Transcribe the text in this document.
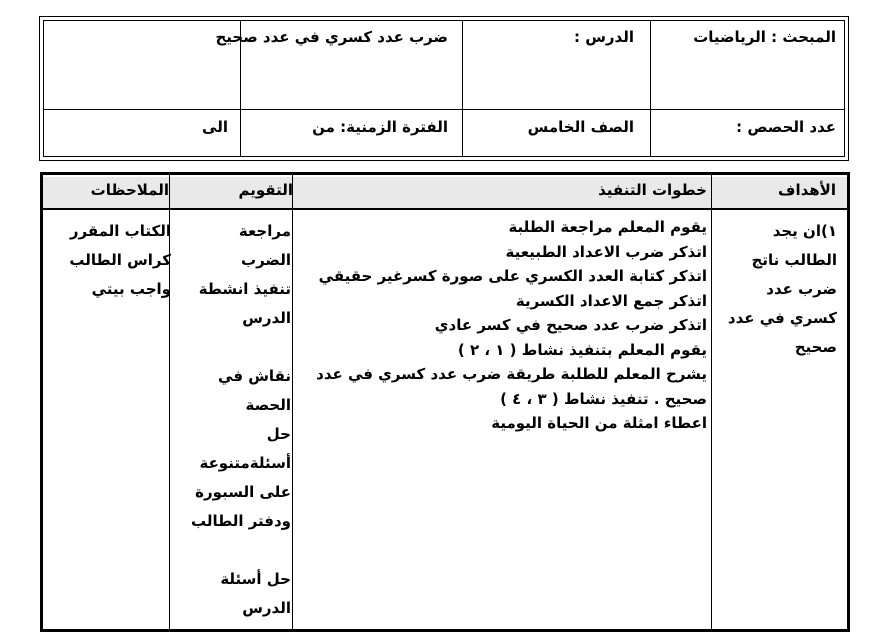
المبحث : الرياضيات
الدرس :
ضرب عدد كسري في عدد صحيح
عدد الحصص :
الصف الخامس
الفترة الزمنية: من
الى
الأهداف
خطوات التنفيذ
التقويم
الملاحظات
١)ان يجد
الطالب ناتج
ضرب عدد
كسري في عدد
صحيح
يقوم المعلم مراجعة الطلبة
اتذكر ضرب الاعداد الطبيعية
اتذكر كتابة العدد الكسري على صورة كسرغير حقيقي
اتذكر جمع الاعداد الكسرية
اتذكر ضرب عدد صحيح في كسر عادي
يقوم المعلم بتنفيذ نشاط ( ١ ، ٢ )
يشرح المعلم للطلبة طريقة ضرب عدد كسري في عدد
صحيح . تنفيذ نشاط ( ٣ ، ٤ )
اعطاء امثلة من الحياة اليومية
مراجعة
الضرب
تنفيذ انشطة
الدرس
نقاش في
الحصة
حل
أسئلةمتنوعة
على السبورة
ودفتر الطالب
حل أسئلة
الدرس
الكتاب المقرر
كراس الطالب
واجب بيتي
